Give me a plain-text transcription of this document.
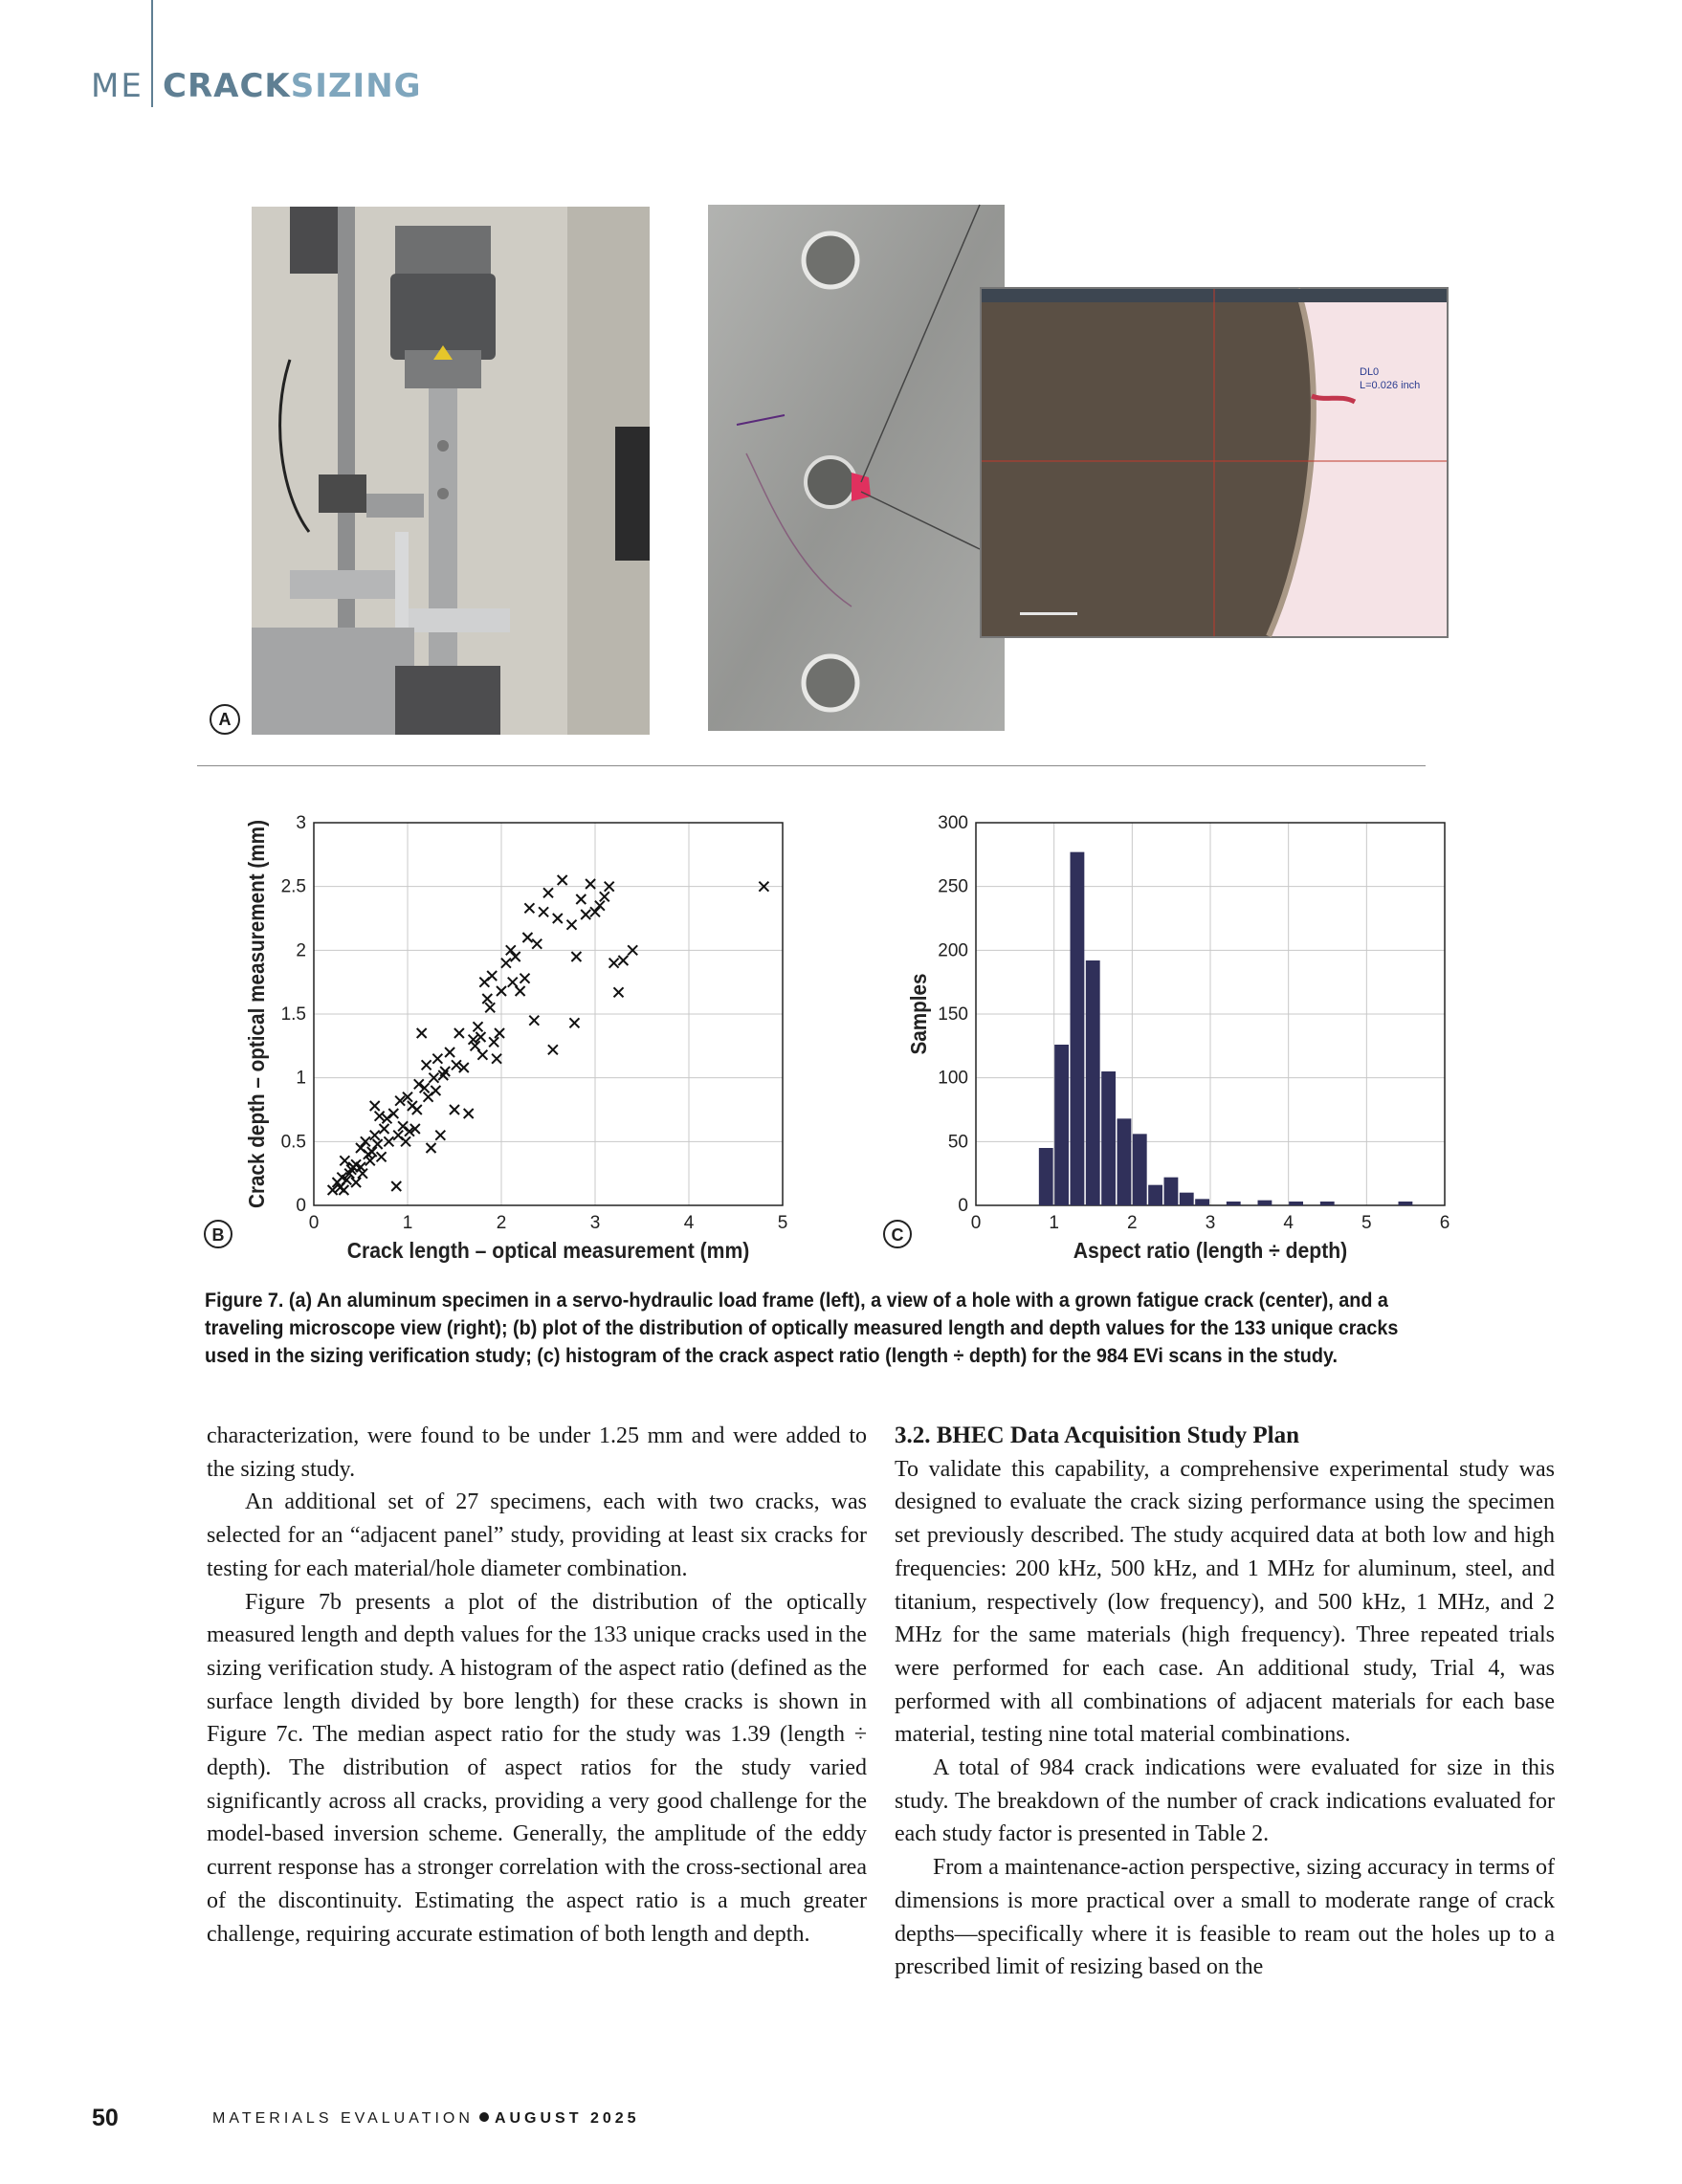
ME CRACKSIZING
A
DL0
L=0.026 inch
0	1	2	3	4	5
0
0.5
1
1.5
2
2.5
3
Crack length – optical measurement (mm)
Crack depth – optical measurement (mm)
B
0	1	2	3	4	5	6
0
50
100
150
200
250
300
Aspect ratio (length ÷ depth)
Samples
C
Figure 7. (a) An aluminum specimen in a servo-hydraulic load frame (left), a view of a hole with a grown fatigue crack (center), and a traveling microscope view (right); (b) plot of the distribution of optically measured length and depth values for the 133 unique cracks used in the sizing verification study; (c) histogram of the crack aspect ratio (length ÷ depth) for the 984 EVi scans in the study.

characterization, were found to be under 1.25 mm and were added to the sizing study.

An additional set of 27 specimens, each with two cracks, was selected for an “adjacent panel” study, providing at least six cracks for testing for each material/hole diameter combination.

Figure 7b presents a plot of the distribution of the optically measured length and depth values for the 133 unique cracks used in the sizing verification study. A histogram of the aspect ratio (defined as the surface length divided by bore length) for these cracks is shown in Figure 7c. The median aspect ratio for the study was 1.39 (length ÷ depth). The distribution of aspect ratios for the study varied significantly across all cracks, providing a very good challenge for the model-based inversion scheme. Generally, the amplitude of the eddy current response has a stronger correlation with the cross-sectional area of the discontinuity. Estimating the aspect ratio is a much greater challenge, requiring accurate estimation of both length and depth.

3.2. BHEC Data Acquisition Study Plan

To validate this capability, a comprehensive experimental study was designed to evaluate the crack sizing performance using the specimen set previously described. The study acquired data at both low and high frequencies: 200 kHz, 500 kHz, and 1 MHz for aluminum, steel, and titanium, respectively (low frequency), and 500 kHz, 1 MHz, and 2 MHz for the same materials (high frequency). Three repeated trials were performed for each case. An additional study, Trial 4, was performed with all combinations of adjacent materials for each base material, testing nine total material combinations.

A total of 984 crack indications were evaluated for size in this study. The breakdown of the number of crack indications evaluated for each study factor is presented in Table 2.

From a maintenance-action perspective, sizing accuracy in terms of dimensions is more practical over a small to moderate range of crack depths—specifically where it is feasible to ream out the holes up to a prescribed limit of resizing based on the

50	MATERIALS EVALUATION AUGUST 2025
